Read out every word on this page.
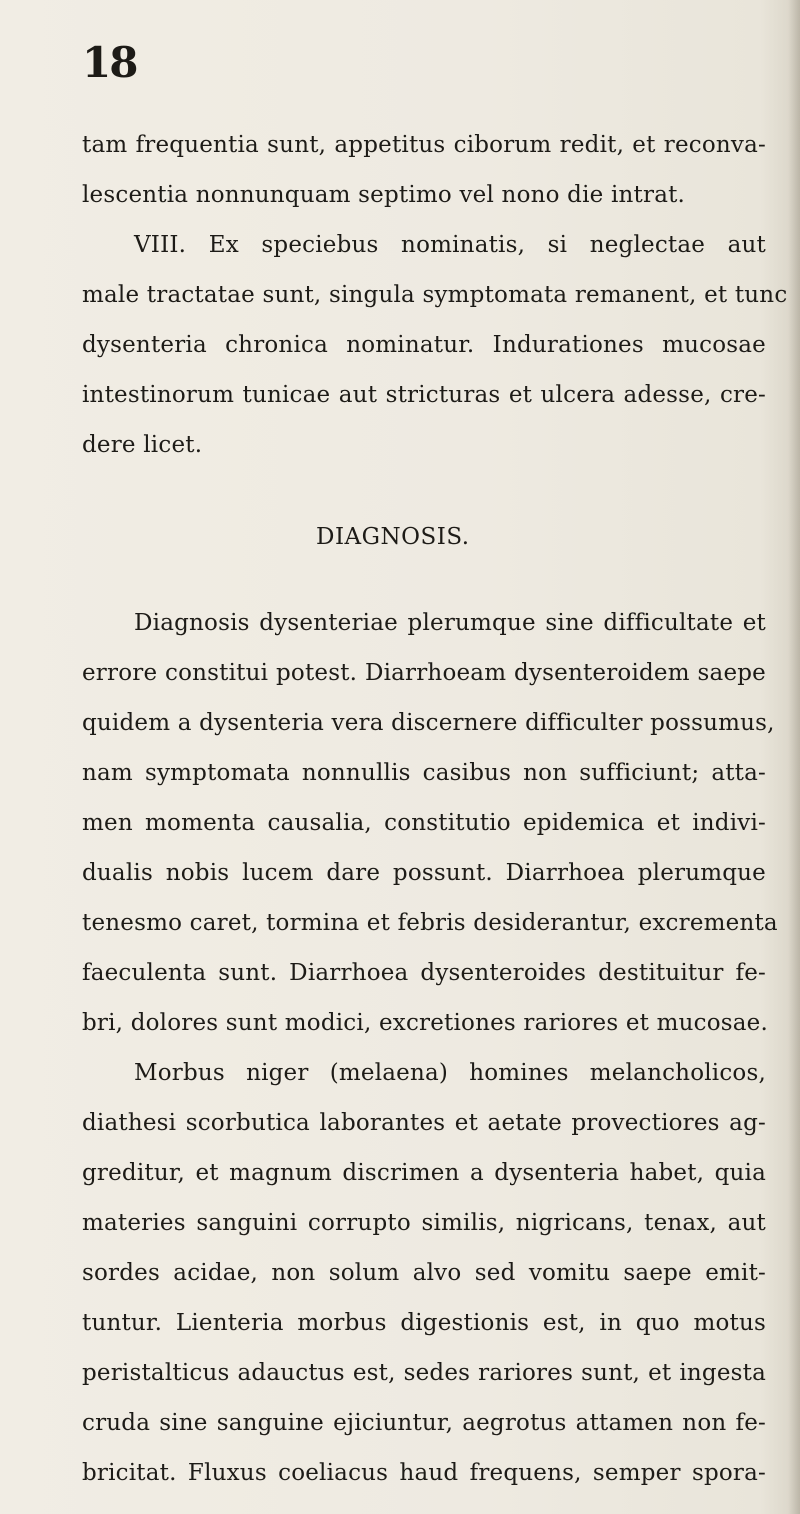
18

tam frequentia sunt, appetitus ciborum redit, et reconva-

lescentia nonnunquam septimo vel nono die intrat.

VIII. Ex speciebus nominatis, si neglectae aut

male tractatae sunt, singula symptomata remanent, et tunc

dysenteria chronica nominatur. Indurationes mucosae

intestinorum tunicae aut stricturas et ulcera adesse, cre-

dere licet.

DIAGNOSIS.

Diagnosis dysenteriae plerumque sine difficultate et

errore constitui potest. Diarrhoeam dysenteroidem saepe

quidem a dysenteria vera discernere difficulter possumus,

nam symptomata nonnullis casibus non sufficiunt; atta-

men momenta causalia, constitutio epidemica et indivi-

dualis nobis lucem dare possunt. Diarrhoea plerumque

tenesmo caret, tormina et febris desiderantur, excrementa

faeculenta sunt. Diarrhoea dysenteroides destituitur fe-

bri, dolores sunt modici, excretiones rariores et mucosae.

Morbus niger (melaena) homines melancholicos,

diathesi scorbutica laborantes et aetate provectiores ag-

greditur, et magnum discrimen a dysenteria habet, quia

materies sanguini corrupto similis, nigricans, tenax, aut

sordes acidae, non solum alvo sed vomitu saepe emit-

tuntur. Lienteria morbus digestionis est, in quo motus

peristalticus adauctus est, sedes rariores sunt, et ingesta

cruda sine sanguine ejiciuntur, aegrotus attamen non fe-

bricitat. Fluxus coeliacus haud frequens, semper spora-
